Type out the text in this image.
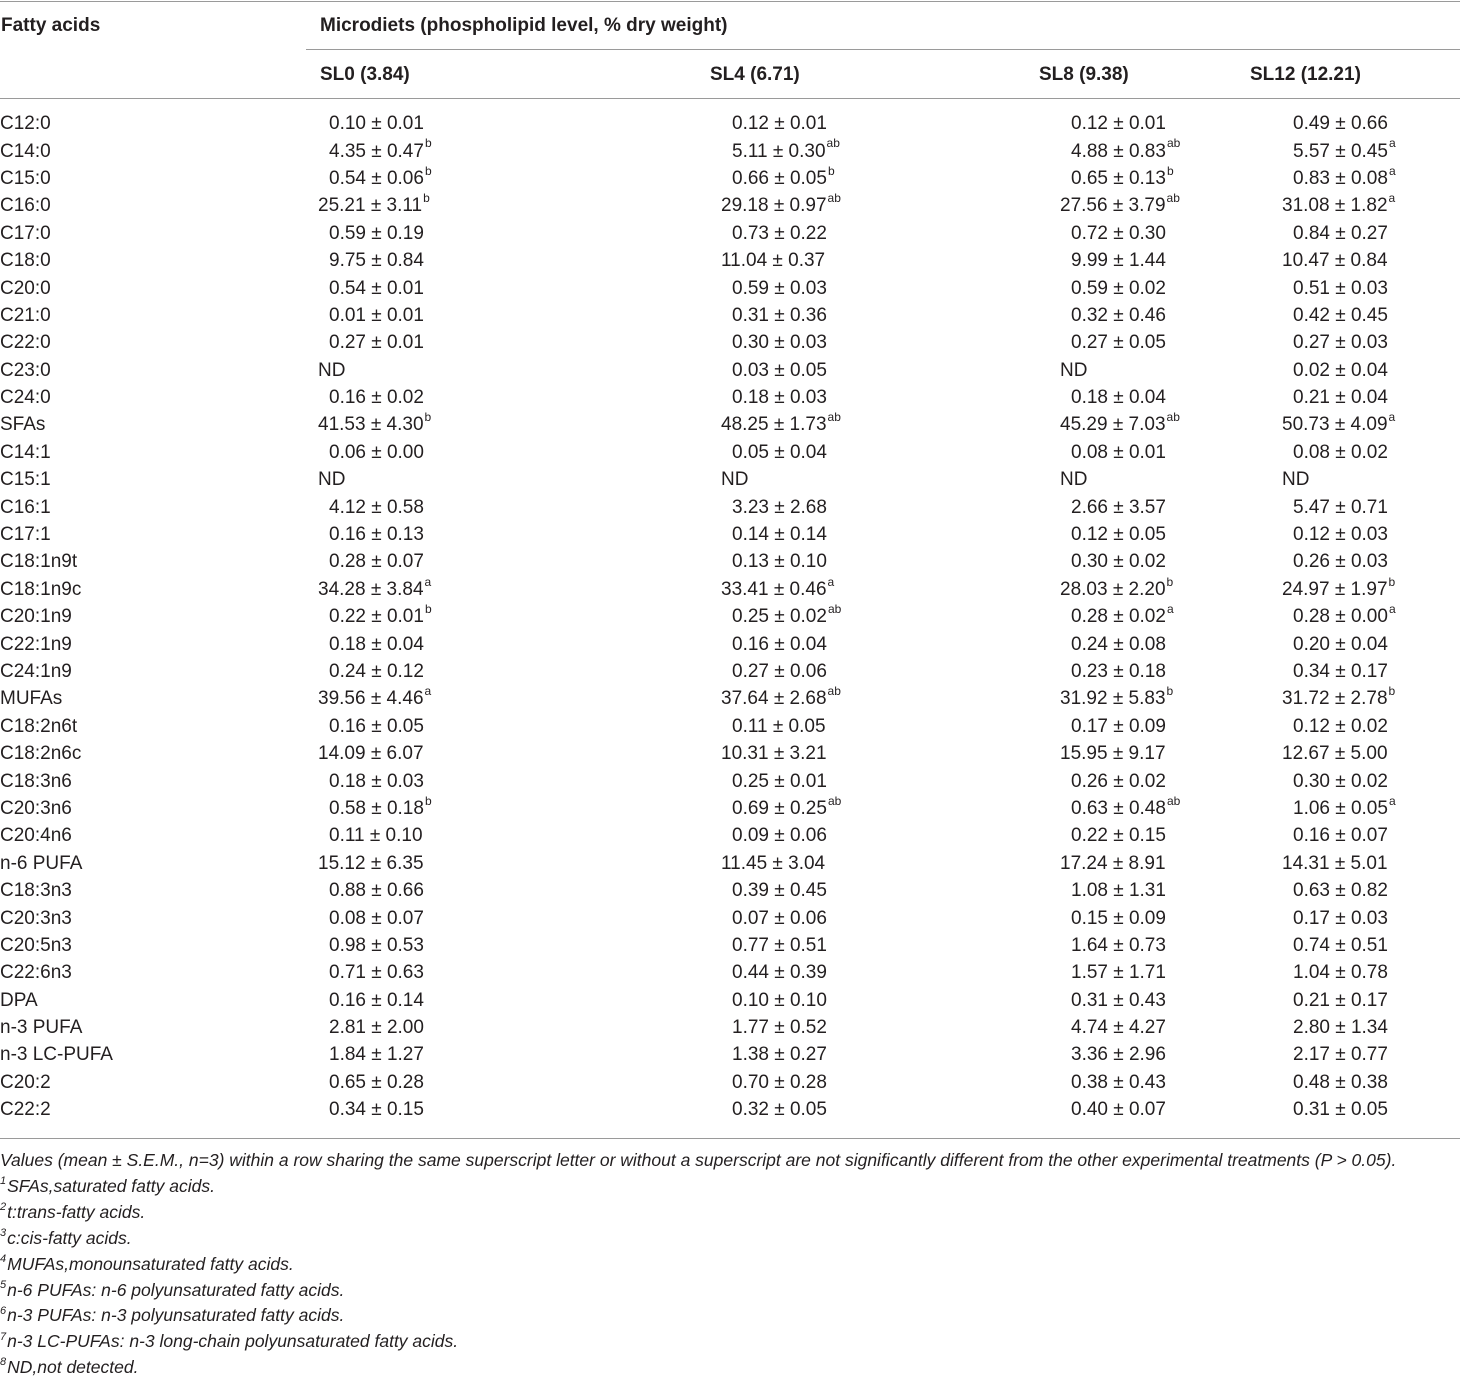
Fatty acids	Microdiets (phospholipid level, % dry weight)
SL0 (3.84)	SL4 (6.71)	SL8 (9.38)	SL12 (12.21)
C12:0	0.10 ± 0.01	0.12 ± 0.01	0.12 ± 0.01	0.49 ± 0.66
C14:0	4.35 ± 0.47$^b$	5.11 ± 0.30$^{ab}$	4.88 ± 0.83$^{ab}$	5.57 ± 0.45$^a$
C15:0	0.54 ± 0.06$^b$	0.66 ± 0.05$^b$	0.65 ± 0.13$^b$	0.83 ± 0.08$^a$
C16:0	25.21 ± 3.11$^b$	29.18 ± 0.97$^{ab}$	27.56 ± 3.79$^{ab}$	31.08 ± 1.82$^a$
C17:0	0.59 ± 0.19	0.73 ± 0.22	0.72 ± 0.30	0.84 ± 0.27
C18:0	9.75 ± 0.84	11.04 ± 0.37	9.99 ± 1.44	10.47 ± 0.84
C20:0	0.54 ± 0.01	0.59 ± 0.03	0.59 ± 0.02	0.51 ± 0.03
C21:0	0.01 ± 0.01	0.31 ± 0.36	0.32 ± 0.46	0.42 ± 0.45
C22:0	0.27 ± 0.01	0.30 ± 0.03	0.27 ± 0.05	0.27 ± 0.03
C23:0	ND	0.03 ± 0.05	ND	0.02 ± 0.04
C24:0	0.16 ± 0.02	0.18 ± 0.03	0.18 ± 0.04	0.21 ± 0.04
SFAs	41.53 ± 4.30$^b$	48.25 ± 1.73$^{ab}$	45.29 ± 7.03$^{ab}$	50.73 ± 4.09$^a$
C14:1	0.06 ± 0.00	0.05 ± 0.04	0.08 ± 0.01	0.08 ± 0.02
C15:1	ND	ND	ND	ND
C16:1	4.12 ± 0.58	3.23 ± 2.68	2.66 ± 3.57	5.47 ± 0.71
C17:1	0.16 ± 0.13	0.14 ± 0.14	0.12 ± 0.05	0.12 ± 0.03
C18:1n9t	0.28 ± 0.07	0.13 ± 0.10	0.30 ± 0.02	0.26 ± 0.03
C18:1n9c	34.28 ± 3.84$^a$	33.41 ± 0.46$^a$	28.03 ± 2.20$^b$	24.97 ± 1.97$^b$
C20:1n9	0.22 ± 0.01$^b$	0.25 ± 0.02$^{ab}$	0.28 ± 0.02$^a$	0.28 ± 0.00$^a$
C22:1n9	0.18 ± 0.04	0.16 ± 0.04	0.24 ± 0.08	0.20 ± 0.04
C24:1n9	0.24 ± 0.12	0.27 ± 0.06	0.23 ± 0.18	0.34 ± 0.17
MUFAs	39.56 ± 4.46$^a$	37.64 ± 2.68$^{ab}$	31.92 ± 5.83$^b$	31.72 ± 2.78$^b$
C18:2n6t	0.16 ± 0.05	0.11 ± 0.05	0.17 ± 0.09	0.12 ± 0.02
C18:2n6c	14.09 ± 6.07	10.31 ± 3.21	15.95 ± 9.17	12.67 ± 5.00
C18:3n6	0.18 ± 0.03	0.25 ± 0.01	0.26 ± 0.02	0.30 ± 0.02
C20:3n6	0.58 ± 0.18$^b$	0.69 ± 0.25$^{ab}$	0.63 ± 0.48$^{ab}$	1.06 ± 0.05$^a$
C20:4n6	0.11 ± 0.10	0.09 ± 0.06	0.22 ± 0.15	0.16 ± 0.07
n-6 PUFA	15.12 ± 6.35	11.45 ± 3.04	17.24 ± 8.91	14.31 ± 5.01
C18:3n3	0.88 ± 0.66	0.39 ± 0.45	1.08 ± 1.31	0.63 ± 0.82
C20:3n3	0.08 ± 0.07	0.07 ± 0.06	0.15 ± 0.09	0.17 ± 0.03
C20:5n3	0.98 ± 0.53	0.77 ± 0.51	1.64 ± 0.73	0.74 ± 0.51
C22:6n3	0.71 ± 0.63	0.44 ± 0.39	1.57 ± 1.71	1.04 ± 0.78
DPA	0.16 ± 0.14	0.10 ± 0.10	0.31 ± 0.43	0.21 ± 0.17
n-3 PUFA	2.81 ± 2.00	1.77 ± 0.52	4.74 ± 4.27	2.80 ± 1.34
n-3 LC-PUFA	1.84 ± 1.27	1.38 ± 0.27	3.36 ± 2.96	2.17 ± 0.77
C20:2	0.65 ± 0.28	0.70 ± 0.28	0.38 ± 0.43	0.48 ± 0.38
C22:2	0.34 ± 0.15	0.32 ± 0.05	0.40 ± 0.07	0.31 ± 0.05
Values (mean ± S.E.M., n=3) within a row sharing the same superscript letter or without a superscript are not significantly different from the other experimental treatments (P > 0.05).
$^1$SFAs,saturated fatty acids.
$^2$t:trans-fatty acids.
$^3$c:cis-fatty acids.
$^4$MUFAs,monounsaturated fatty acids.
$^5$n-6 PUFAs: n-6 polyunsaturated fatty acids.
$^6$n-3 PUFAs: n-3 polyunsaturated fatty acids.
$^7$n-3 LC-PUFAs: n-3 long-chain polyunsaturated fatty acids.
$^8$ND,not detected.
